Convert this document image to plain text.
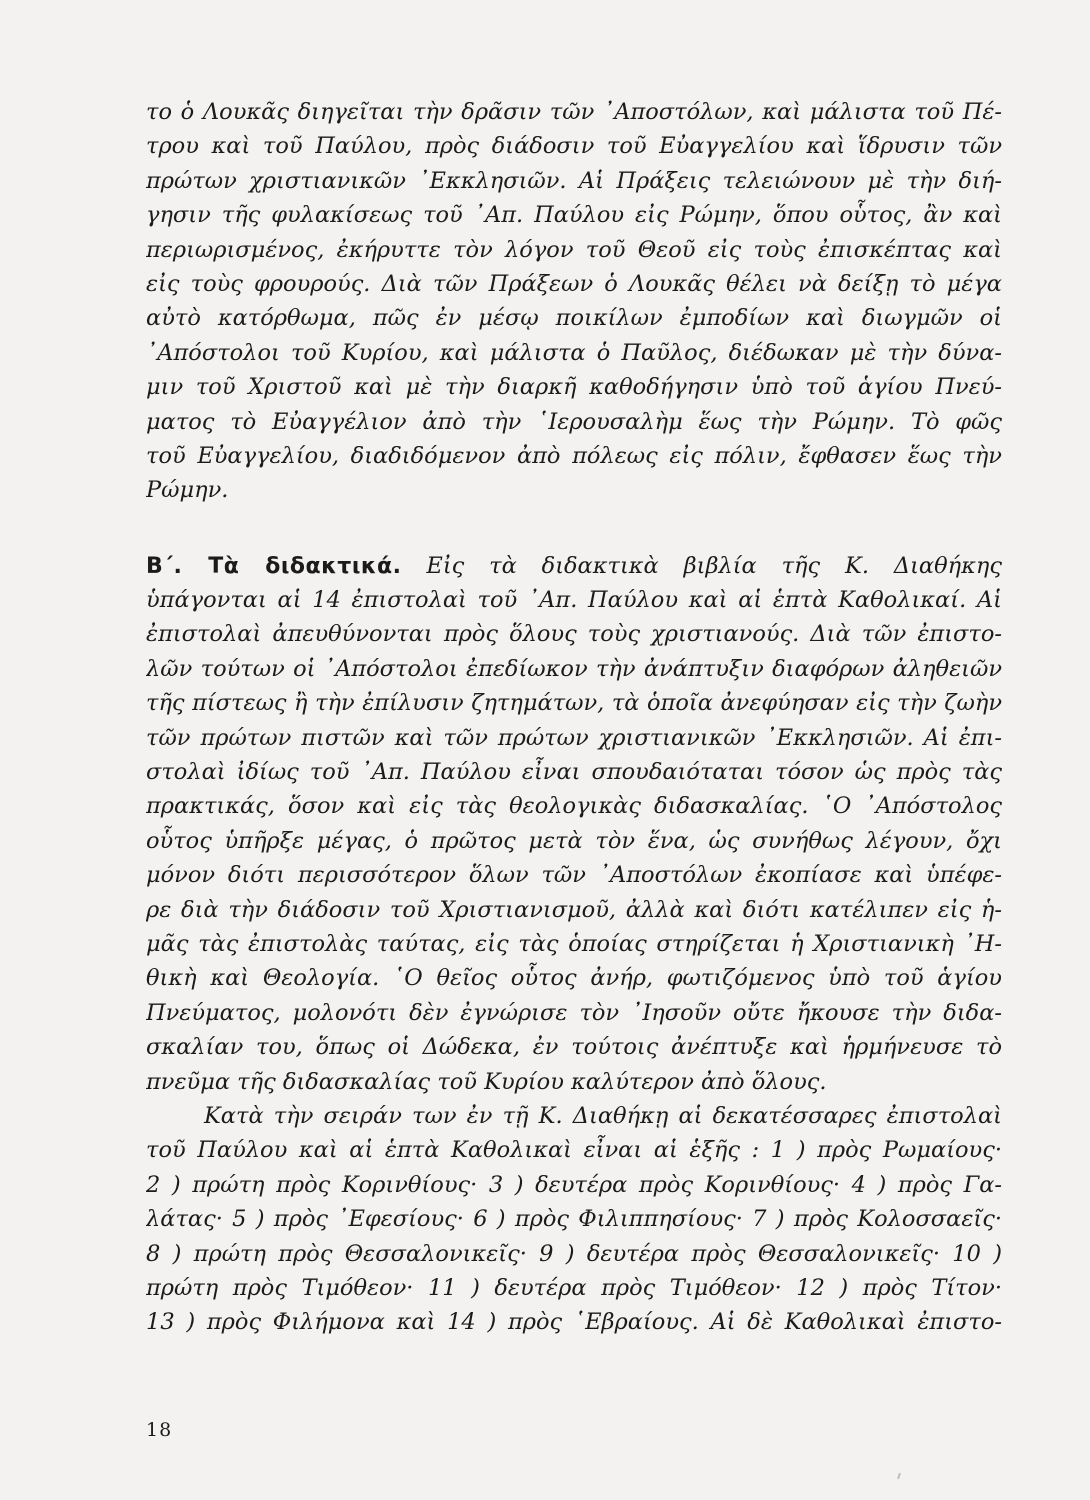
το ὁ Λουκᾶς διηγεῖται τὴν δρᾶσιν τῶν ᾽Αποστόλων, καὶ μάλιστα τοῦ Πέ-
τρου καὶ τοῦ Παύλου, πρὸς διάδοσιν τοῦ Εὐαγγελίου καὶ ἵδρυσιν τῶν
πρώτων χριστιανικῶν ᾽Εκκλησιῶν. Αἱ Πράξεις τελειώνουν μὲ τὴν διή-
γησιν τῆς φυλακίσεως τοῦ ᾽Απ. Παύλου εἰς Ρώμην, ὅπου οὗτος, ἂν καὶ
περιωρισμένος, ἐκήρυττε τὸν λόγον τοῦ Θεοῦ εἰς τοὺς ἐπισκέπτας καὶ
εἰς τοὺς φρουρούς. Διὰ τῶν Πράξεων ὁ Λουκᾶς θέλει νὰ δείξῃ τὸ μέγα
αὐτὸ κατόρθωμα, πῶς ἐν μέσῳ ποικίλων ἐμποδίων καὶ διωγμῶν οἱ
᾽Απόστολοι τοῦ Κυρίου, καὶ μάλιστα ὁ Παῦλος, διέδωκαν μὲ τὴν δύνα-
μιν τοῦ Χριστοῦ καὶ μὲ τὴν διαρκῆ καθοδήγησιν ὑπὸ τοῦ ἁγίου Πνεύ-
ματος τὸ Εὐαγγέλιον ἀπὸ τὴν ῾Ιερουσαλὴμ ἕως τὴν Ρώμην. Τὸ φῶς
τοῦ Εὐαγγελίου, διαδιδόμενον ἀπὸ πόλεως εἰς πόλιν, ἔφθασεν ἕως τὴν
Ρώμην.
Β΄. Τὰ διδακτικά. Εἰς τὰ διδακτικὰ βιβλία τῆς Κ. Διαθήκης
ὑπάγονται αἱ 14 ἐπιστολαὶ τοῦ ᾽Απ. Παύλου καὶ αἱ ἑπτὰ Καθολικαί. Αἱ
ἐπιστολαὶ ἀπευθύνονται πρὸς ὅλους τοὺς χριστιανούς. Διὰ τῶν ἐπιστο-
λῶν τούτων οἱ ᾽Απόστολοι ἐπεδίωκον τὴν ἀνάπτυξιν διαφόρων ἀληθειῶν
τῆς πίστεως ἢ τὴν ἐπίλυσιν ζητημάτων, τὰ ὁποῖα ἀνεφύησαν εἰς τὴν ζωὴν
τῶν πρώτων πιστῶν καὶ τῶν πρώτων χριστιανικῶν ᾽Εκκλησιῶν. Αἱ ἐπι-
στολαὶ ἰδίως τοῦ ᾽Απ. Παύλου εἶναι σπουδαιόταται τόσον ὡς πρὸς τὰς
πρακτικάς, ὅσον καὶ εἰς τὰς θεολογικὰς διδασκαλίας. ῾Ο ᾽Απόστολος
οὗτος ὑπῆρξε μέγας, ὁ πρῶτος μετὰ τὸν ἕνα, ὡς συνήθως λέγουν, ὄχι
μόνον διότι περισσότερον ὅλων τῶν ᾽Αποστόλων ἐκοπίασε καὶ ὑπέφε-
ρε διὰ τὴν διάδοσιν τοῦ Χριστιανισμοῦ, ἀλλὰ καὶ διότι κατέλιπεν εἰς ἡ-
μᾶς τὰς ἐπιστολὰς ταύτας, εἰς τὰς ὁποίας στηρίζεται ἡ Χριστιανικὴ ᾽Η-
θικὴ καὶ Θεολογία. ῾Ο θεῖος οὗτος ἀνήρ, φωτιζόμενος ὑπὸ τοῦ ἁγίου
Πνεύματος, μολονότι δὲν ἐγνώρισε τὸν ᾽Ιησοῦν οὔτε ἤκουσε τὴν διδα-
σκαλίαν του, ὅπως οἱ Δώδεκα, ἐν τούτοις ἀνέπτυξε καὶ ἡρμήνευσε τὸ
πνεῦμα τῆς διδασκαλίας τοῦ Κυρίου καλύτερον ἀπὸ ὅλους.
Κατὰ τὴν σειράν των ἐν τῇ Κ. Διαθήκῃ αἱ δεκατέσσαρες ἐπιστολαὶ
τοῦ Παύλου καὶ αἱ ἑπτὰ Καθολικαὶ εἶναι αἱ ἑξῆς : 1 ) πρὸς Ρωμαίους·
2 ) πρώτη πρὸς Κορινθίους· 3 ) δευτέρα πρὸς Κορινθίους· 4 ) πρὸς Γα-
λάτας· 5 ) πρὸς ᾽Εφεσίους· 6 ) πρὸς Φιλιππησίους· 7 ) πρὸς Κολοσσαεῖς·
8 ) πρώτη πρὸς Θεσσαλονικεῖς· 9 ) δευτέρα πρὸς Θεσσαλονικεῖς· 10 )
πρώτη πρὸς Τιμόθεον· 11 ) δευτέρα πρὸς Τιμόθεον· 12 ) πρὸς Τίτον·
13 ) πρὸς Φιλήμονα καὶ 14 ) πρὸς ῾Εβραίους. Αἱ δὲ Καθολικαὶ ἐπιστο-
18
